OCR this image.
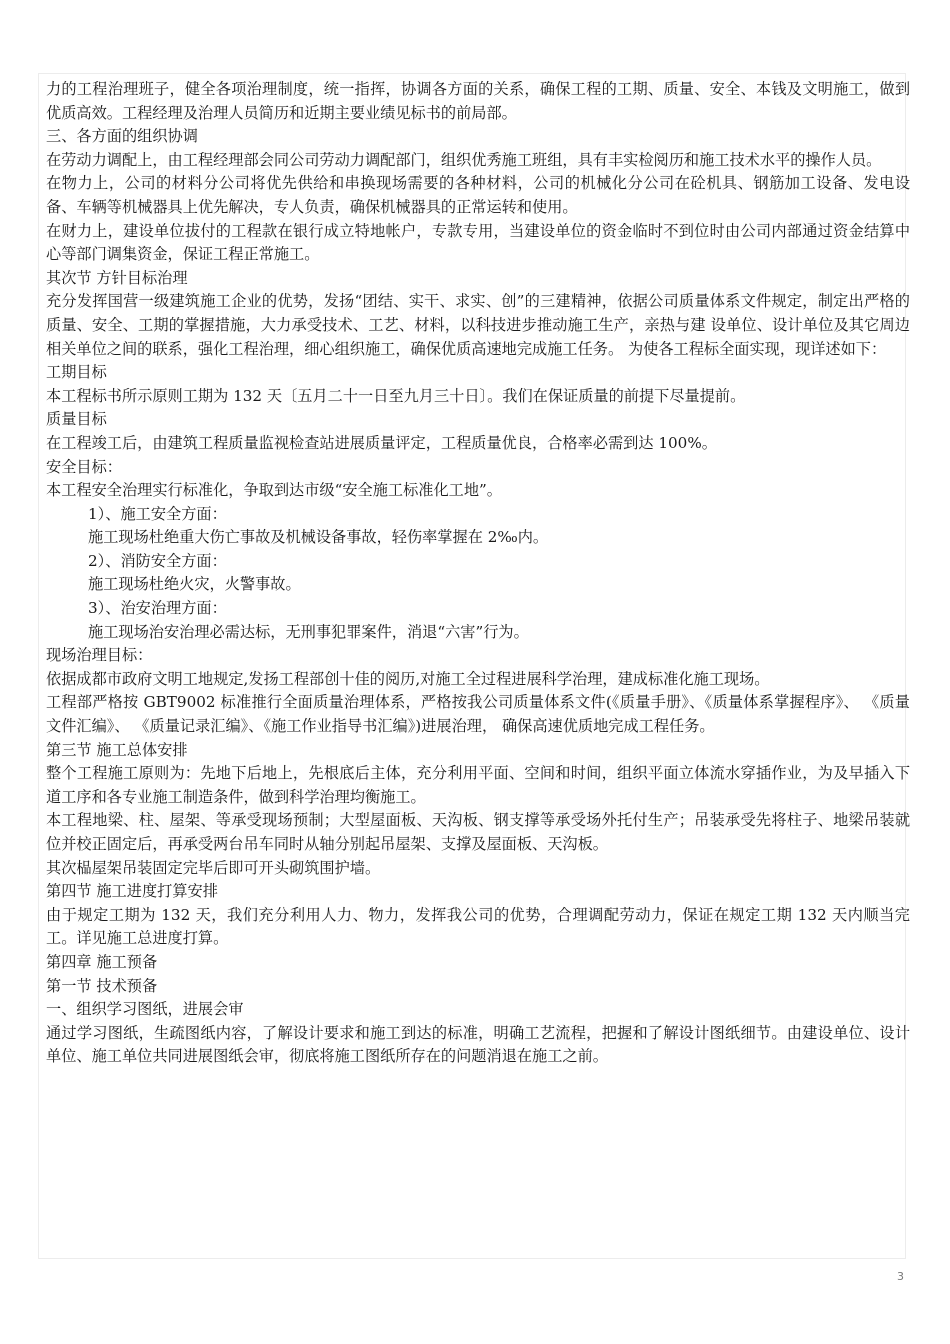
力的工程治理班子，健全各项治理制度，统一指挥，协调各方面的关系，确保工程的工期、质量、安全、本钱及文明施工，做到优质高效。工程经理及治理人员简历和近期主要业绩见标书的前局部。

三、各方面的组织协调

在劳动力调配上，由工程经理部会同公司劳动力调配部门，组织优秀施工班组，具有丰实检阅历和施工技术水平的操作人员。

在物力上，公司的材料分公司将优先供给和串换现场需要的各种材料，公司的机械化分公司在砼机具、钢筋加工设备、发电设备、车辆等机械器具上优先解决，专人负责，确保机械器具的正常运转和使用。

在财力上，建设单位拔付的工程款在银行成立特地帐户，专款专用，当建设单位的资金临时不到位时由公司内部通过资金结算中心等部门调集资金，保证工程正常施工。

其次节 方针目标治理

充分发挥国营一级建筑施工企业的优势，发扬“团结、实干、求实、创”的三建精神，依据公司质量体系文件规定，制定出严格的质量、安全、工期的掌握措施，大力承受技术、工艺、材料，以科技进步推动施工生产，亲热与建 设单位、设计单位及其它周边相关单位之间的联系，强化工程治理，细心组织施工，确保优质高速地完成施工任务。 为使各工程标全面实现，现详述如下：

工期目标

本工程标书所示原则工期为 132 天〔五月二十一日至九月三十日〕。我们在保证质量的前提下尽量提前。

质量目标

在工程竣工后，由建筑工程质量监视检查站进展质量评定，工程质量优良，合格率必需到达 100%。

安全目标：

本工程安全治理实行标准化，争取到达市级“安全施工标准化工地”。

1）、施工安全方面：

施工现场杜绝重大伤亡事故及机械设备事故，轻伤率掌握在 2‰内。

2）、消防安全方面：

施工现场杜绝火灾，火警事故。

3）、治安治理方面：

施工现场治安治理必需达标，无刑事犯罪案件，消退“六害”行为。

现场治理目标：

依据成都市政府文明工地规定,发扬工程部创十佳的阅历,对施工全过程进展科学治理，建成标准化施工现场。

工程部严格按 GBT9002 标准推行全面质量治理体系，严格按我公司质量体系文件(《质量手册》、《质量体系掌握程序》、 《质量文件汇编》、 《质量记录汇编》、《施工作业指导书汇编》)进展治理， 确保高速优质地完成工程任务。

第三节 施工总体安排

整个工程施工原则为：先地下后地上，先根底后主体，充分利用平面、空间和时间，组织平面立体流水穿插作业，为及早插入下道工序和各专业施工制造条件，做到科学治理均衡施工。

本工程地梁、柱、屋架、等承受现场预制；大型屋面板、天沟板、钢支撑等承受场外托付生产；吊装承受先将柱子、地梁吊装就位并校正固定后，再承受两台吊车同时从轴分别起吊屋架、支撑及屋面板、天沟板。

其次榀屋架吊装固定完毕后即可开头砌筑围护墙。

第四节 施工进度打算安排

由于规定工期为 132 天，我们充分利用人力、物力，发挥我公司的优势，合理调配劳动力，保证在规定工期 132 天内顺当完工。详见施工总进度打算。

第四章 施工预备

第一节 技术预备

一、组织学习图纸，进展会审

通过学习图纸，生疏图纸内容，了解设计要求和施工到达的标准，明确工艺流程，把握和了解设计图纸细节。由建设单位、设计单位、施工单位共同进展图纸会审，彻底将施工图纸所存在的问题消退在施工之前。

3
